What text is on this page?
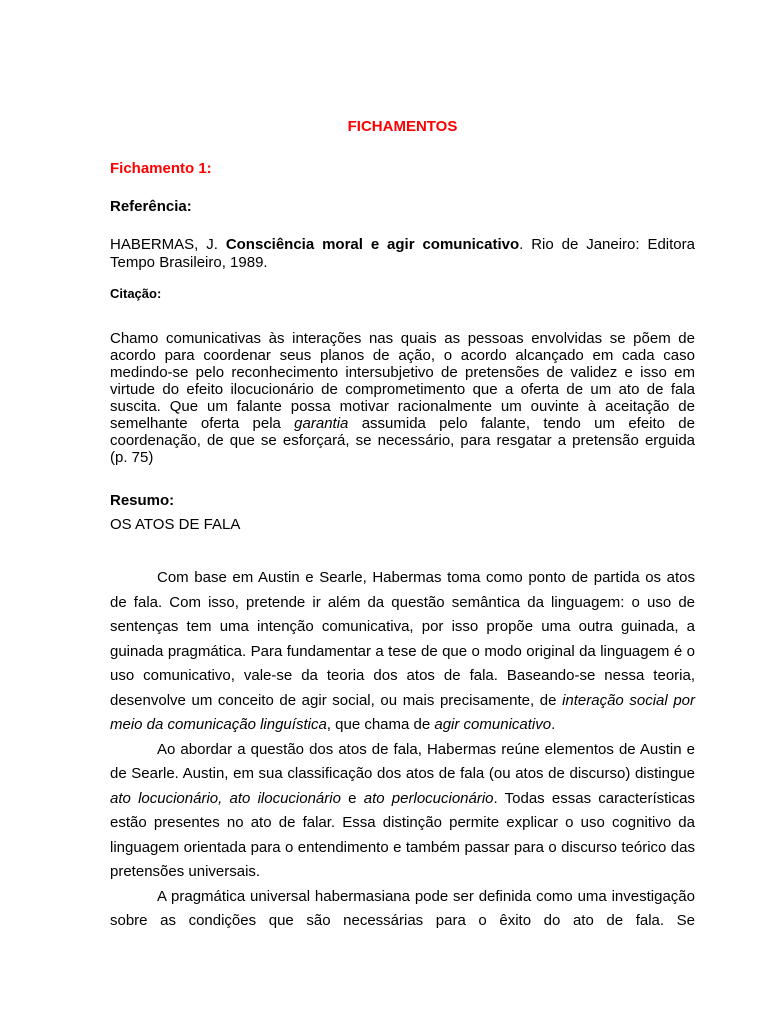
FICHAMENTOS
Fichamento 1:
Referência:

HABERMAS, J. Consciência moral e agir comunicativo. Rio de Janeiro: Editora Tempo Brasileiro, 1989.

Citação:

Chamo comunicativas às interações nas quais as pessoas envolvidas se põem de acordo para coordenar seus planos de ação, o acordo alcançado em cada caso medindo-se pelo reconhecimento intersubjetivo de pretensões de validez e isso em virtude do efeito ilocucionário de comprometimento que a oferta de um ato de fala suscita. Que um falante possa motivar racionalmente um ouvinte à aceitação de semelhante oferta pela garantia assumida pelo falante, tendo um efeito de coordenação, de que se esforçará, se necessário, para resgatar a pretensão erguida (p. 75)

Resumo:
OS ATOS DE FALA

Com base em Austin e Searle, Habermas toma como ponto de partida os atos de fala. Com isso, pretende ir além da questão semântica da linguagem: o uso de sentenças tem uma intenção comunicativa, por isso propõe uma outra guinada, a guinada pragmática. Para fundamentar a tese de que o modo original da linguagem é o uso comunicativo, vale-se da teoria dos atos de fala. Baseando-se nessa teoria, desenvolve um conceito de agir social, ou mais precisamente, de interação social por meio da comunicação linguística, que chama de agir comunicativo.

Ao abordar a questão dos atos de fala, Habermas reúne elementos de Austin e de Searle. Austin, em sua classificação dos atos de fala (ou atos de discurso) distingue ato locucionário, ato ilocucionário e ato perlocucionário. Todas essas características estão presentes no ato de falar. Essa distinção permite explicar o uso cognitivo da linguagem orientada para o entendimento e também passar para o discurso teórico das pretensões universais.

A pragmática universal habermasiana pode ser definida como uma investigação sobre as condições que são necessárias para o êxito do ato de fala. Se
